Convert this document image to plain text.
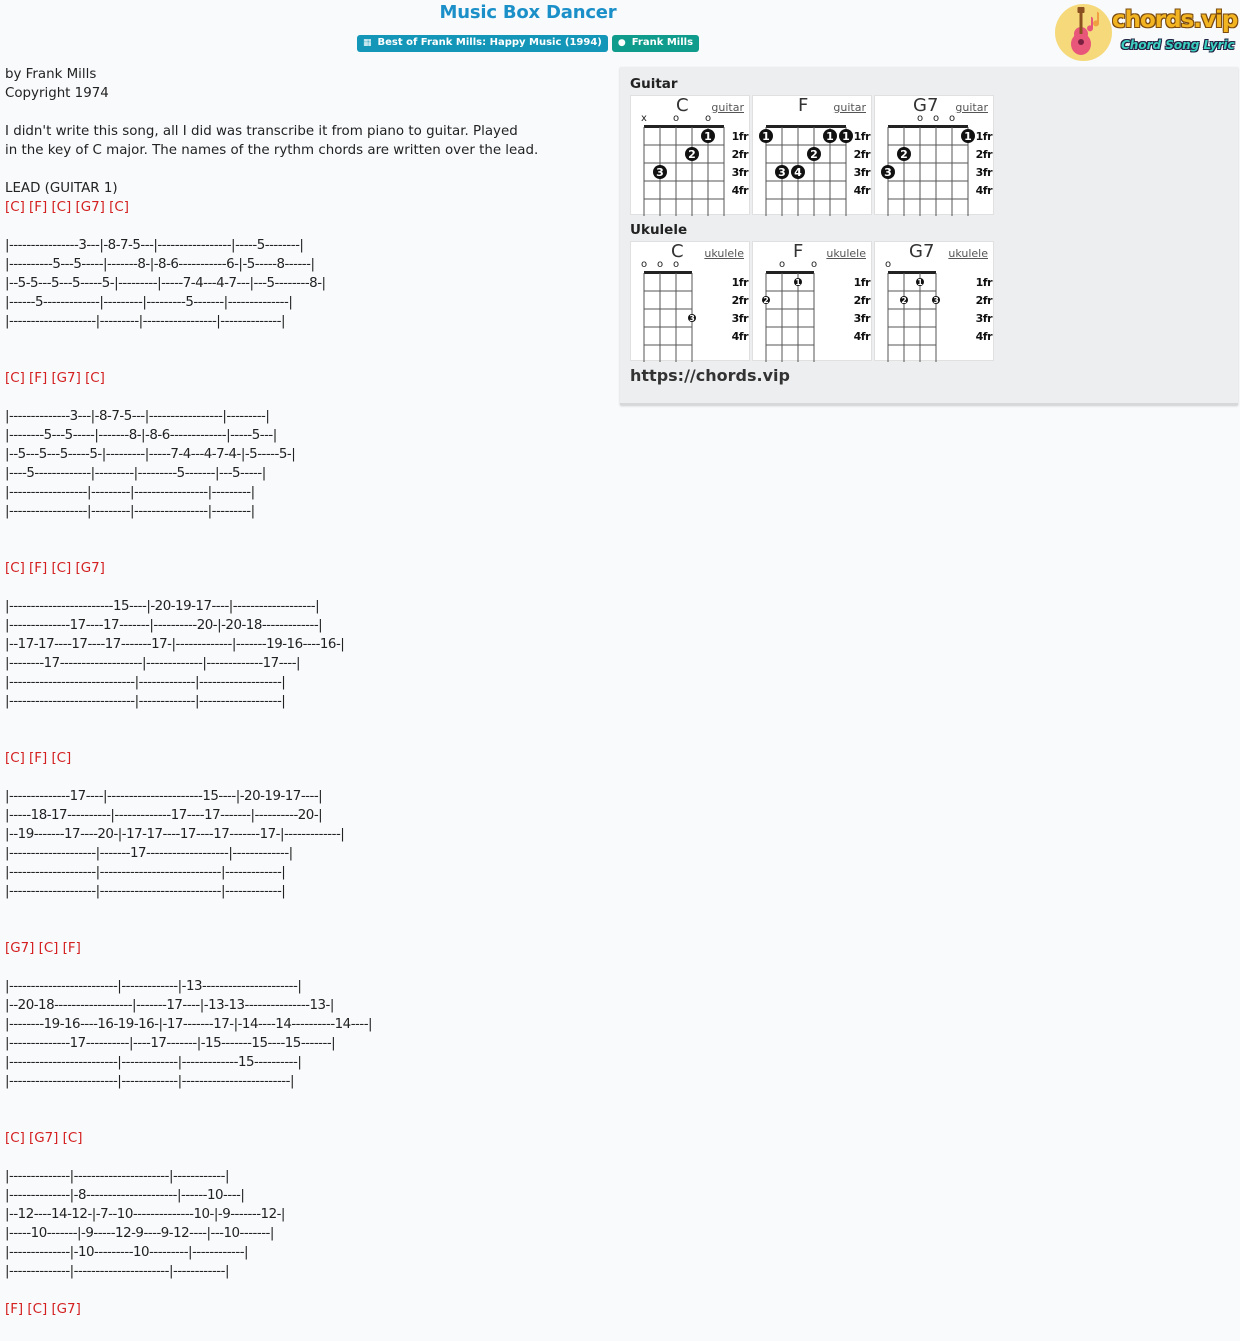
Music Box Dancer
▦ Best of Frank Mills: Happy Music (1994) ● Frank Mills
chords.vip
Chord Song Lyric
by Frank Mills
Copyright 1974
I didn't write this song, all I did was transcribe it from piano to guitar. Played
in the key of C major. The names of the rythm chords are written over the lead.
LEAD (GUITAR 1)
[C] [F] [C] [G7] [C]
|----------------3---|-8-7-5---|-----------------|-----5--------|
|----------5---5-----|-------8-|-8-6-----------6-|-5-----8------|
|--5-5---5---5-----5-|---------|-----7-4---4-7---|---5--------8-|
|------5-------------|---------|---------5-------|--------------|
|--------------------|---------|-----------------|--------------|
[C] [F] [G7] [C]
|--------------3---|-8-7-5---|-----------------|---------|
|--------5---5-----|-------8-|-8-6-------------|-----5---|
|--5---5---5-----5-|---------|-----7-4---4-7-4-|-5-----5-|
|----5-------------|---------|---------5-------|---5-----|
|------------------|---------|-----------------|---------|
|------------------|---------|-----------------|---------|
[C] [F] [C] [G7]
|------------------------15----|-20-19-17----|-------------------|
|--------------17----17-------|----------20-|-20-18-------------|
|--17-17----17----17-------17-|-------------|-------19-16----16-|
|--------17-------------------|-------------|-------------17----|
|-----------------------------|-------------|-------------------|
|-----------------------------|-------------|-------------------|
[C] [F] [C]
|--------------17----|----------------------15----|-20-19-17----|
|-----18-17----------|-------------17----17-------|----------20-|
|--19-------17----20-|-17-17----17----17-------17-|-------------|
|--------------------|-------17-------------------|-------------|
|--------------------|----------------------------|-------------|
|--------------------|----------------------------|-------------|
[G7] [C] [F]
|-------------------------|-------------|-13----------------------|
|--20-18------------------|-------17----|-13-13---------------13-|
|--------19-16----16-19-16-|-17-------17-|-14----14----------14----|
|--------------17----------|----17-------|-15-------15----15-------|
|-------------------------|-------------|-------------15----------|
|-------------------------|-------------|-------------------------|
[C] [G7] [C]
|--------------|----------------------|------------|
|--------------|-8---------------------|------10----|
|--12----14-12-|-7--10--------------10-|-9-------12-|
|-----10-------|-9-----12-9----9-12----|---10-------|
|--------------|-10---------10---------|------------|
|--------------|----------------------|------------|
[F] [C] [G7]
Guitar
1fr
2fr
3fr
4fr
x	o	o
1
2
3
C guitar
1fr
2fr
3fr
4fr
1	1 1
2
3 4
F guitar
1fr
2fr
3fr
4fr
o o o
1
2
3
G7 guitar
Ukulele
1fr
2fr
3fr
4fr
o o o
3
C ukulele
1fr
2fr
3fr
4fr
o	o
1
2
F ukulele
1fr
2fr
3fr
4fr
o
1
2	3
G7 ukulele
https://chords.vip
